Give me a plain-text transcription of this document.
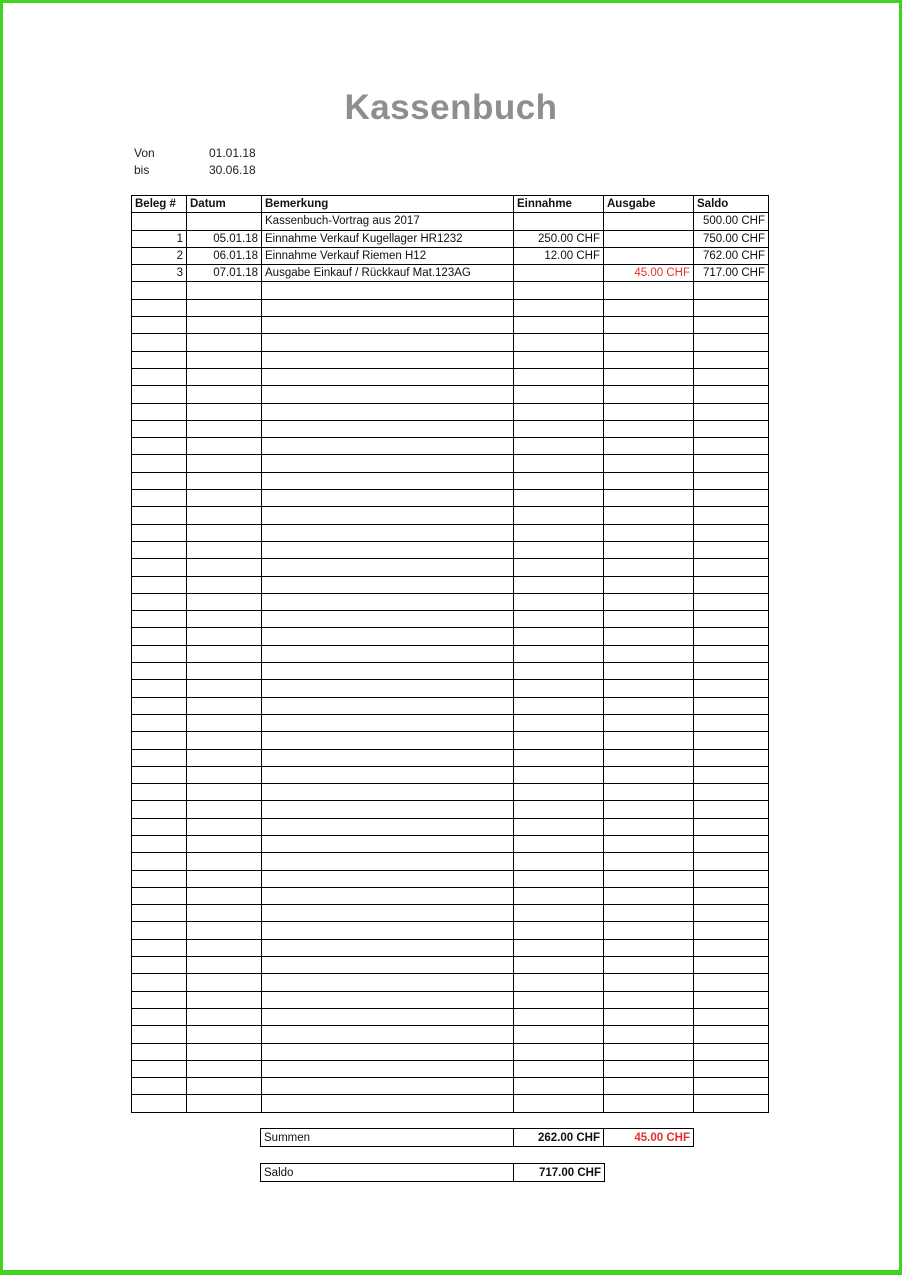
Kassenbuch
Von	01.01.18
bis	30.06.18
Beleg #	Datum	Bemerkung	Einnahme	Ausgabe	Saldo
		Kassenbuch-Vortrag aus 2017			500.00 CHF
1	05.01.18	Einnahme Verkauf Kugellager HR1232	250.00 CHF		750.00 CHF
2	06.01.18	Einnahme Verkauf Riemen H12	12.00 CHF		762.00 CHF
3	07.01.18	Ausgabe Einkauf / Rückkauf Mat.123AG		45.00 CHF	717.00 CHF

Summen	262.00 CHF	45.00 CHF
Saldo	717.00 CHF
